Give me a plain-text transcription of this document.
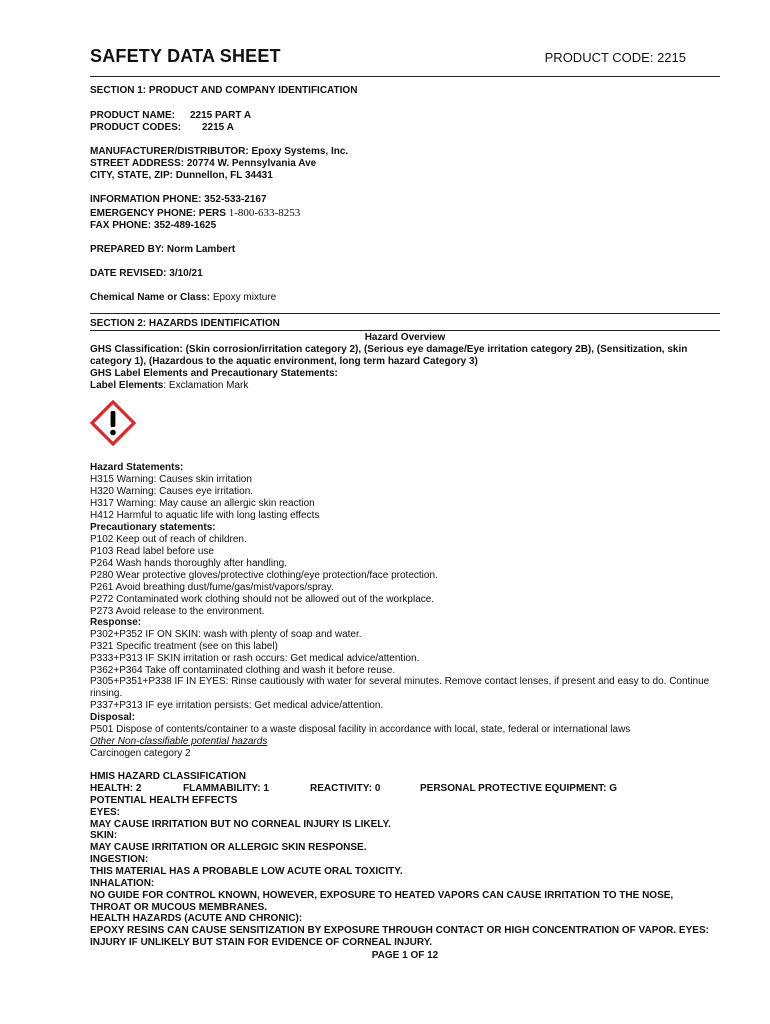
SAFETY DATA SHEET	PRODUCT CODE: 2215
SECTION 1: PRODUCT AND COMPANY IDENTIFICATION
PRODUCT NAME: 2215 PART A
PRODUCT CODES: 2215 A
MANUFACTURER/DISTRIBUTOR: Epoxy Systems, Inc.
STREET ADDRESS: 20774 W. Pennsylvania Ave
CITY, STATE, ZIP: Dunnellon, FL 34431
INFORMATION PHONE: 352-533-2167
EMERGENCY PHONE: PERS 1-800-633-8253
FAX PHONE: 352-489-1625
PREPARED BY: Norm Lambert
DATE REVISED: 3/10/21
Chemical Name or Class: Epoxy mixture
SECTION 2: HAZARDS IDENTIFICATION
Hazard Overview
GHS Classification: (Skin corrosion/irritation category 2), (Serious eye damage/Eye irritation category 2B), (Sensitization, skin
category 1), (Hazardous to the aquatic environment, long term hazard Category 3)
GHS Label Elements and Precautionary Statements:
Label Elements: Exclamation Mark
Hazard Statements:
H315 Warning: Causes skin irritation
H320 Warning: Causes eye irritation.
H317 Warning: May cause an allergic skin reaction
H412 Harmful to aquatic life with long lasting effects
Precautionary statements:
P102 Keep out of reach of children.
P103 Read label before use
P264 Wash hands thoroughly after handling.
P280 Wear protective gloves/protective clothing/eye protection/face protection.
P261 Avoid breathing dust/fume/gas/mist/vapors/spray.
P272 Contaminated work clothing should not be allowed out of the workplace.
P273 Avoid release to the environment.
Response:
P302+P352 IF ON SKIN: wash with plenty of soap and water.
P321 Specific treatment (see on this label)
P333+P313 IF SKIN irritation or rash occurs: Get medical advice/attention.
P362+P364 Take off contaminated clothing and wash it before reuse.
P305+P351+P338 IF IN EYES: Rinse cautiously with water for several minutes. Remove contact lenses, if present and easy to do. Continue
rinsing.
P337+P313 IF eye irritation persists: Get medical advice/attention.
Disposal:
P501 Dispose of contents/container to a waste disposal facility in accordance with local, state, federal or international laws
Other Non-classifiable potential hazards
Carcinogen category 2
HMIS HAZARD CLASSIFICATION
HEALTH: 2	FLAMMABILITY: 1	REACTIVITY: 0	PERSONAL PROTECTIVE EQUIPMENT: G
POTENTIAL HEALTH EFFECTS
EYES:
MAY CAUSE IRRITATION BUT NO CORNEAL INJURY IS LIKELY.
SKIN:
MAY CAUSE IRRITATION OR ALLERGIC SKIN RESPONSE.
INGESTION:
THIS MATERIAL HAS A PROBABLE LOW ACUTE ORAL TOXICITY.
INHALATION:
NO GUIDE FOR CONTROL KNOWN, HOWEVER, EXPOSURE TO HEATED VAPORS CAN CAUSE IRRITATION TO THE NOSE,
THROAT OR MUCOUS MEMBRANES.
HEALTH HAZARDS (ACUTE AND CHRONIC):
EPOXY RESINS CAN CAUSE SENSITIZATION BY EXPOSURE THROUGH CONTACT OR HIGH CONCENTRATION OF VAPOR. EYES:
INJURY IF UNLIKELY BUT STAIN FOR EVIDENCE OF CORNEAL INJURY.
PAGE 1 OF 12
